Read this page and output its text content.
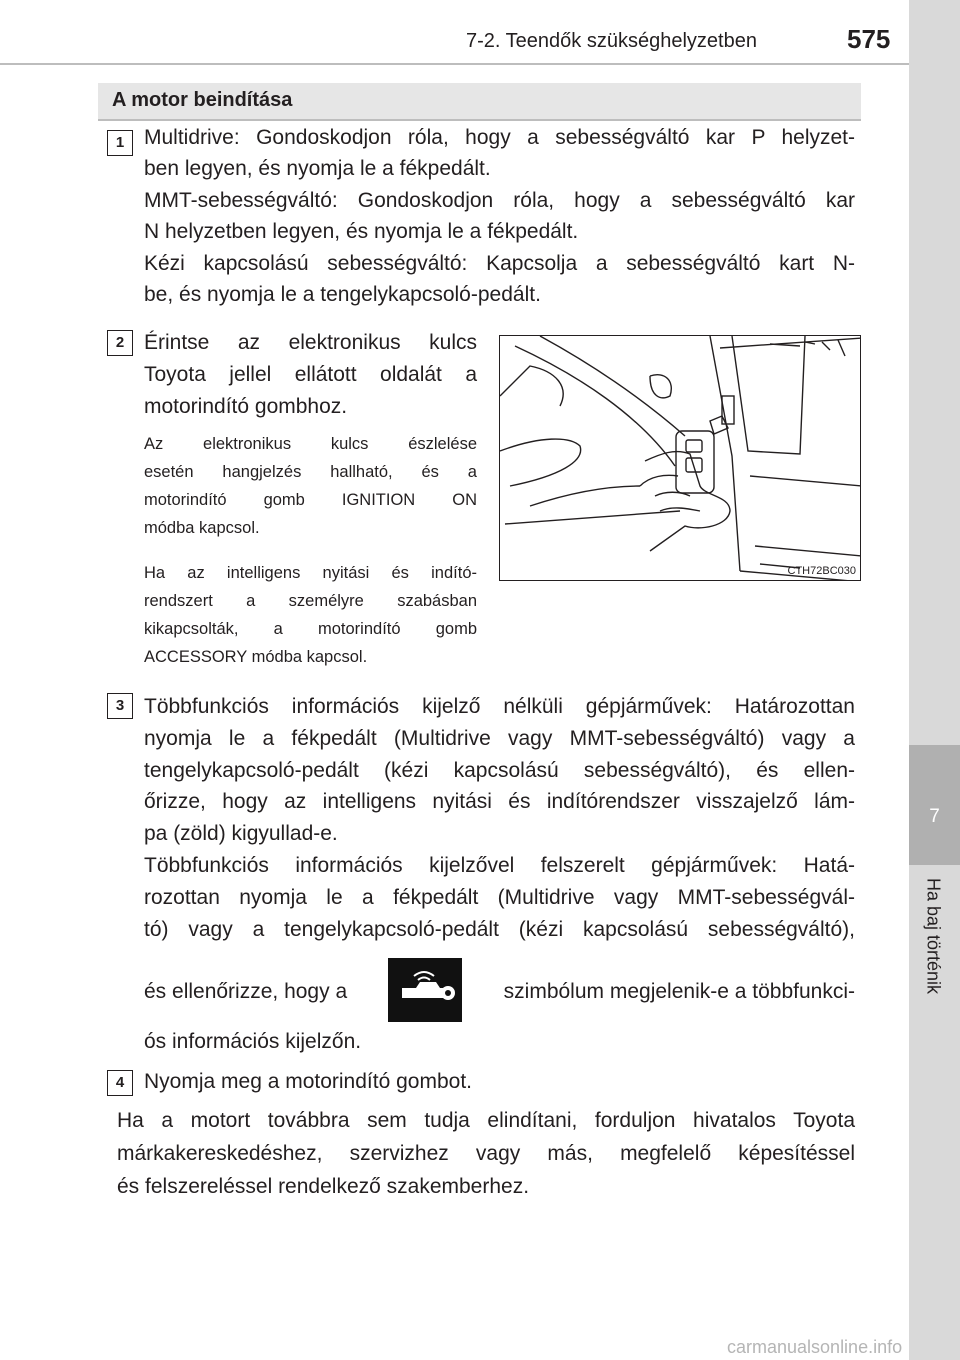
7
Ha baj történik
7-2. Teendők szükséghelyzetben	575
A motor beindítása
1 Multidrive: Gondoskodjon róla, hogy a sebességváltó kar P helyzet-
ben legyen, és nyomja le a fékpedált.
MMT-sebességváltó: Gondoskodjon róla, hogy a sebességváltó kar
N helyzetben legyen, és nyomja le a fékpedált.
Kézi kapcsolású sebességváltó: Kapcsolja a sebességváltó kart N-
be, és nyomja le a tengelykapcsoló-pedált.
2 Érintse az elektronikus kulcs
Toyota jellel ellátott oldalát a
motorindító gombhoz.
Az elektronikus kulcs észlelése
esetén hangjelzés hallható, és a
motorindító gomb IGNITION ON
módba kapcsol.
Ha az intelligens nyitási és indító-
rendszert a személyre szabásban
kikapcsolták, a motorindító gomb
ACCESSORY módba kapcsol.
CTH72BC030
3 Többfunkciós információs kijelző nélküli gépjárművek: Határozottan
nyomja le a fékpedált (Multidrive vagy MMT-sebességváltó) vagy a
tengelykapcsoló-pedált (kézi kapcsolású sebességváltó), és ellen-
őrizze, hogy az intelligens nyitási és indítórendszer visszajelző lám-
pa (zöld) kigyullad-e.
Többfunkciós információs kijelzővel felszerelt gépjárművek: Hatá-
rozottan nyomja le a fékpedált (Multidrive vagy MMT-sebességvál-
tó) vagy a tengelykapcsoló-pedált (kézi kapcsolású sebességváltó),
és ellenőrizze, hogy a	szimbólum megjelenik-e a többfunkci-
ós információs kijelzőn.
4 Nyomja meg a motorindító gombot.
Ha a motort továbbra sem tudja elindítani, forduljon hivatalos Toyota
márkakereskedéshez, szervizhez vagy más, megfelelő képesítéssel
és felszereléssel rendelkező szakemberhez.
carmanualsonline.info
